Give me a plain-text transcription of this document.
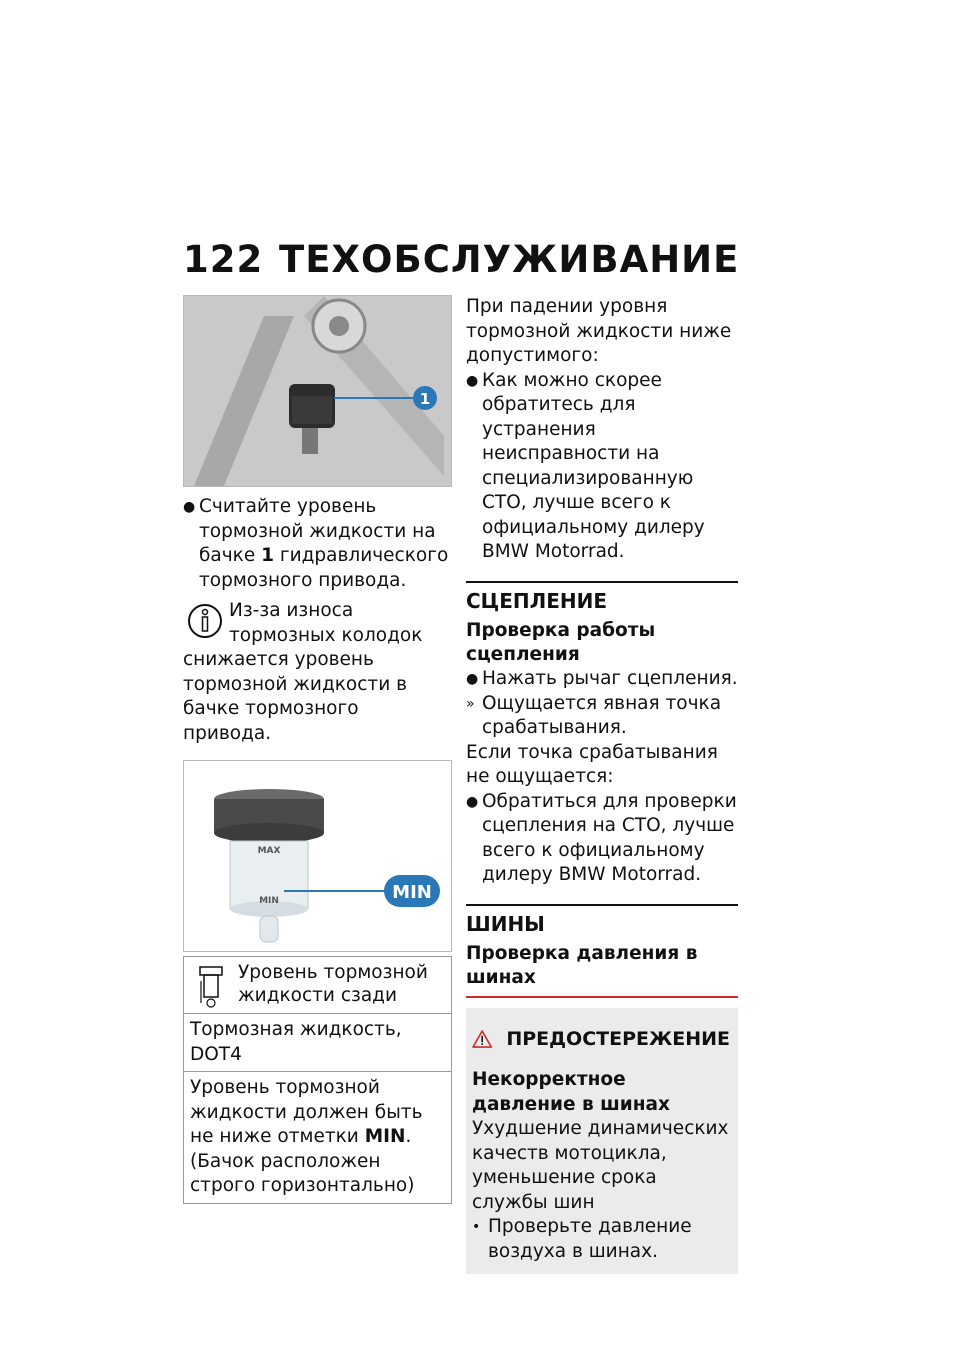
122 ТЕХОБСЛУЖИВАНИЕ
1
● Считайте уровень тормозной жидкости на бачке 1 гидравлического тормозного привода.
Из-за износа тормозных колодок снижается уровень тормозной жидкости в бачке тормозного привода.
MAX
MIN	MIN
Уровень тормозной жидкости сзади
Тормозная жидкость, DOT4
Уровень тормозной жидкости должен быть не ниже отметки MIN. (Бачок расположен строго горизонтально)

При падении уровня тормозной жидкости ниже допустимого:

● Как можно скорее обратитесь для устранения неисправности на специализированную СТО, лучше всего к официальному дилеру BMW Motorrad.
СЦЕПЛЕНИЕ
Проверка работы сцепления
● Нажать рычаг сцепления.
» Ощущается явная точка срабатывания.

Если точка срабатывания не ощущается:

● Обратиться для проверки сцепления на СТО, лучше всего к официальному дилеру BMW Motorrad.
ШИНЫ
Проверка давления в шинах
ПРЕДОСТЕРЕЖЕНИЕ
Некорректное давление в шинах
Ухудшение динамических качеств мотоцикла, уменьшение срока службы шин
• Проверьте давление воздуха в шинах.
